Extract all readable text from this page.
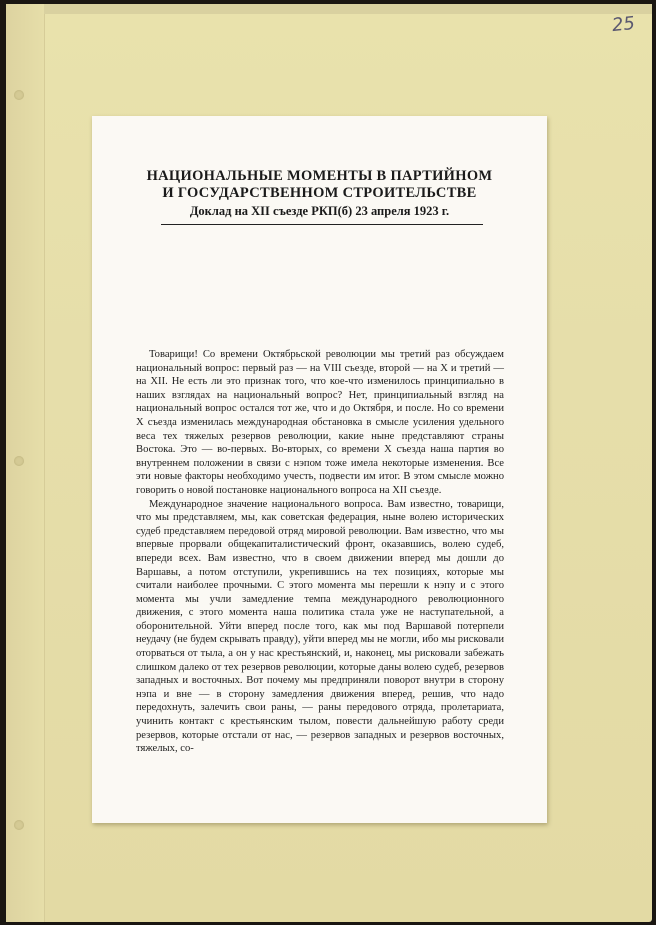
25
НАЦИОНАЛЬНЫЕ МОМЕНТЫ В ПАРТИЙНОМ
И ГОСУДАРСТВЕННОМ СТРОИТЕЛЬСТВЕ
Доклад на XII съезде РКП(б) 23 апреля 1923 г.

Товарищи! Со времени Октябрьской революции мы третий раз обсуждаем национальный вопрос: первый раз — на VIII съезде, второй — на X и третий — на XII. Не есть ли это признак того, что кое-что изменилось принципиально в наших взглядах на национальный вопрос? Нет, принципиальный взгляд на национальный вопрос остался тот же, что и до Октября, и после. Но со времени X съезда изменилась международная обстановка в смысле усиления удельного веса тех тяжелых резервов революции, какие ныне представляют страны Востока. Это — во-первых. Во-вторых, со времени X съезда наша партия во внутреннем положении в связи с нэпом тоже имела некоторые изменения. Все эти новые факторы необходимо учесть, подвести им итог. В этом смысле можно говорить о новой постановке национального вопроса на XII съезде.

Международное значение национального вопроса. Вам известно, товарищи, что мы представляем, мы, как советская федерация, ныне волею исторических судеб представляем передовой отряд мировой революции. Вам известно, что мы впервые прорвали общекапиталистический фронт, оказавшись, волею судеб, впереди всех. Вам известно, что в своем движении вперед мы дошли до Варшавы, а потом отступили, укрепившись на тех позициях, которые мы считали наиболее прочными. С этого момента мы перешли к нэпу и с этого момента мы учли замедление темпа международного революционного движения, с этого момента наша политика стала уже не наступательной, а оборонительной. Уйти вперед после того, как мы под Варшавой потерпели неудачу (не будем скрывать правду), уйти вперед мы не могли, ибо мы рисковали оторваться от тыла, а он у нас крестьянский, и, наконец, мы рисковали забежать слишком далеко от тех резервов революции, которые даны волею судеб, резервов западных и восточных. Вот почему мы предприняли поворот внутри в сторону нэпа и вне — в сторону замедления движения вперед, решив, что надо передохнуть, залечить свои раны, — раны передового отряда, пролетариата, учинить контакт с крестьянским тылом, повести дальнейшую работу среди резервов, которые отстали от нас, — резервов западных и резервов восточных, тяжелых, со-
